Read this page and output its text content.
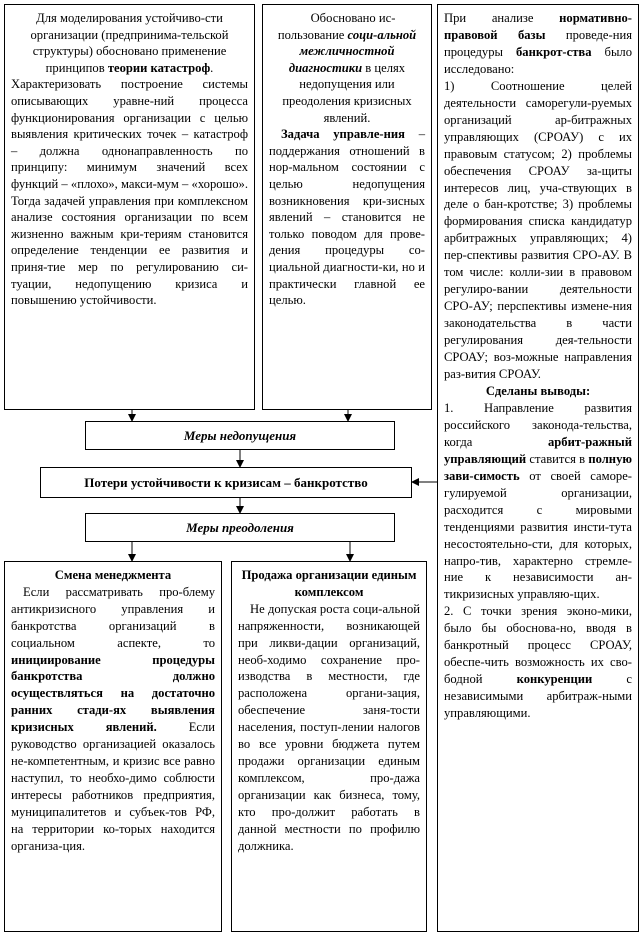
Для моделирования устойчиво-сти организации (предпринима-тельской структуры) обосновано применение принципов теории катастроф.
Характеризовать построение системы описывающих уравне-ний процесса функционирования организации с целью выявления критических точек – катастроф – должна однонаправленность по принципу: минимум значений всех функций – «плохо», макси-мум – «хорошо». Тогда задачей управления при комплексном анализе состояния организации по всем жизненно важным кри-териям становится определение тенденции ее развития и приня-тие мер по регулированию си-туации, недопущению кризиса и повышению устойчивости.
Обосновано ис-пользование соци-альной межличностной диагностики в целях недопущения или преодоления кризисных явлений.
Задача управле-ния – поддержания отношений в нор-мальном состоянии с целью недопущения возникновения кри-зисных явлений – становится не только поводом для прове-дения процедуры со-циальной диагности-ки, но и практически главной ее целью.
При анализе нормативно-правовой базы проведе-ния процедуры банкрот-ства было исследовано:
1) Соотношение целей деятельности саморегули-руемых организаций ар-битражных управляющих (СРОАУ) с их правовым статусом; 2) проблемы обеспечения СРОАУ за-щиты интересов лиц, уча-ствующих в деле о бан-кротстве; 3) проблемы формирования списка кандидатур арбитражных управляющих; 4) пер-спективы развития СРО-АУ. В том числе: колли-зии в правовом регулиро-вании деятельности СРО-АУ; перспективы измене-ния законодательства в части регулирования дея-тельности СРОАУ; воз-можные направления раз-вития СРОАУ.
Сделаны выводы:
1. Направление развития российского законода-тельства, когда арбит-ражный управляющий ставится в полную зави-симость от своей саморе-гулируемой организации, расходится с мировыми тенденциями развития инсти-тута несостоятельно-сти, для которых, напро-тив, характерно стремле-ние к независимости ан-тикризисных управляю-щих.
2. С точки зрения эконо-мики, было бы обоснова-но, вводя в банкротный процесс СРОАУ, обеспе-чить возможность их сво-бодной конкуренции с независимыми арбитраж-ными управляющими.
Меры недопущения
Потери устойчивости к кризисам – банкротство
Меры преодоления
Смена менеджмента
Если рассматривать про-блему антикризисного управления и банкротства организаций в социальном аспекте, то инициирование процедуры банкротства должно осуществляться на достаточно ранних стади-ях выявления кризисных явлений. Если руководство организацией оказалось не-компетентным, и кризис все равно наступил, то необхо-димо соблюсти интересы работников предприятия, муниципалитетов и субъек-тов РФ, на территории ко-торых находится организа-ция.
Продажа организации единым комплексом
Не допуская роста соци-альной напряженности, возникающей при ликви-дации организаций, необ-ходимо сохранение про-изводства в местности, где расположена органи-зация, обеспечение заня-тости населения, поступ-лении налогов во все уровни бюджета путем продажи организации единым комплексом, про-дажа организации как бизнеса, тому, кто про-должит работать в данной местности по профилю должника.
